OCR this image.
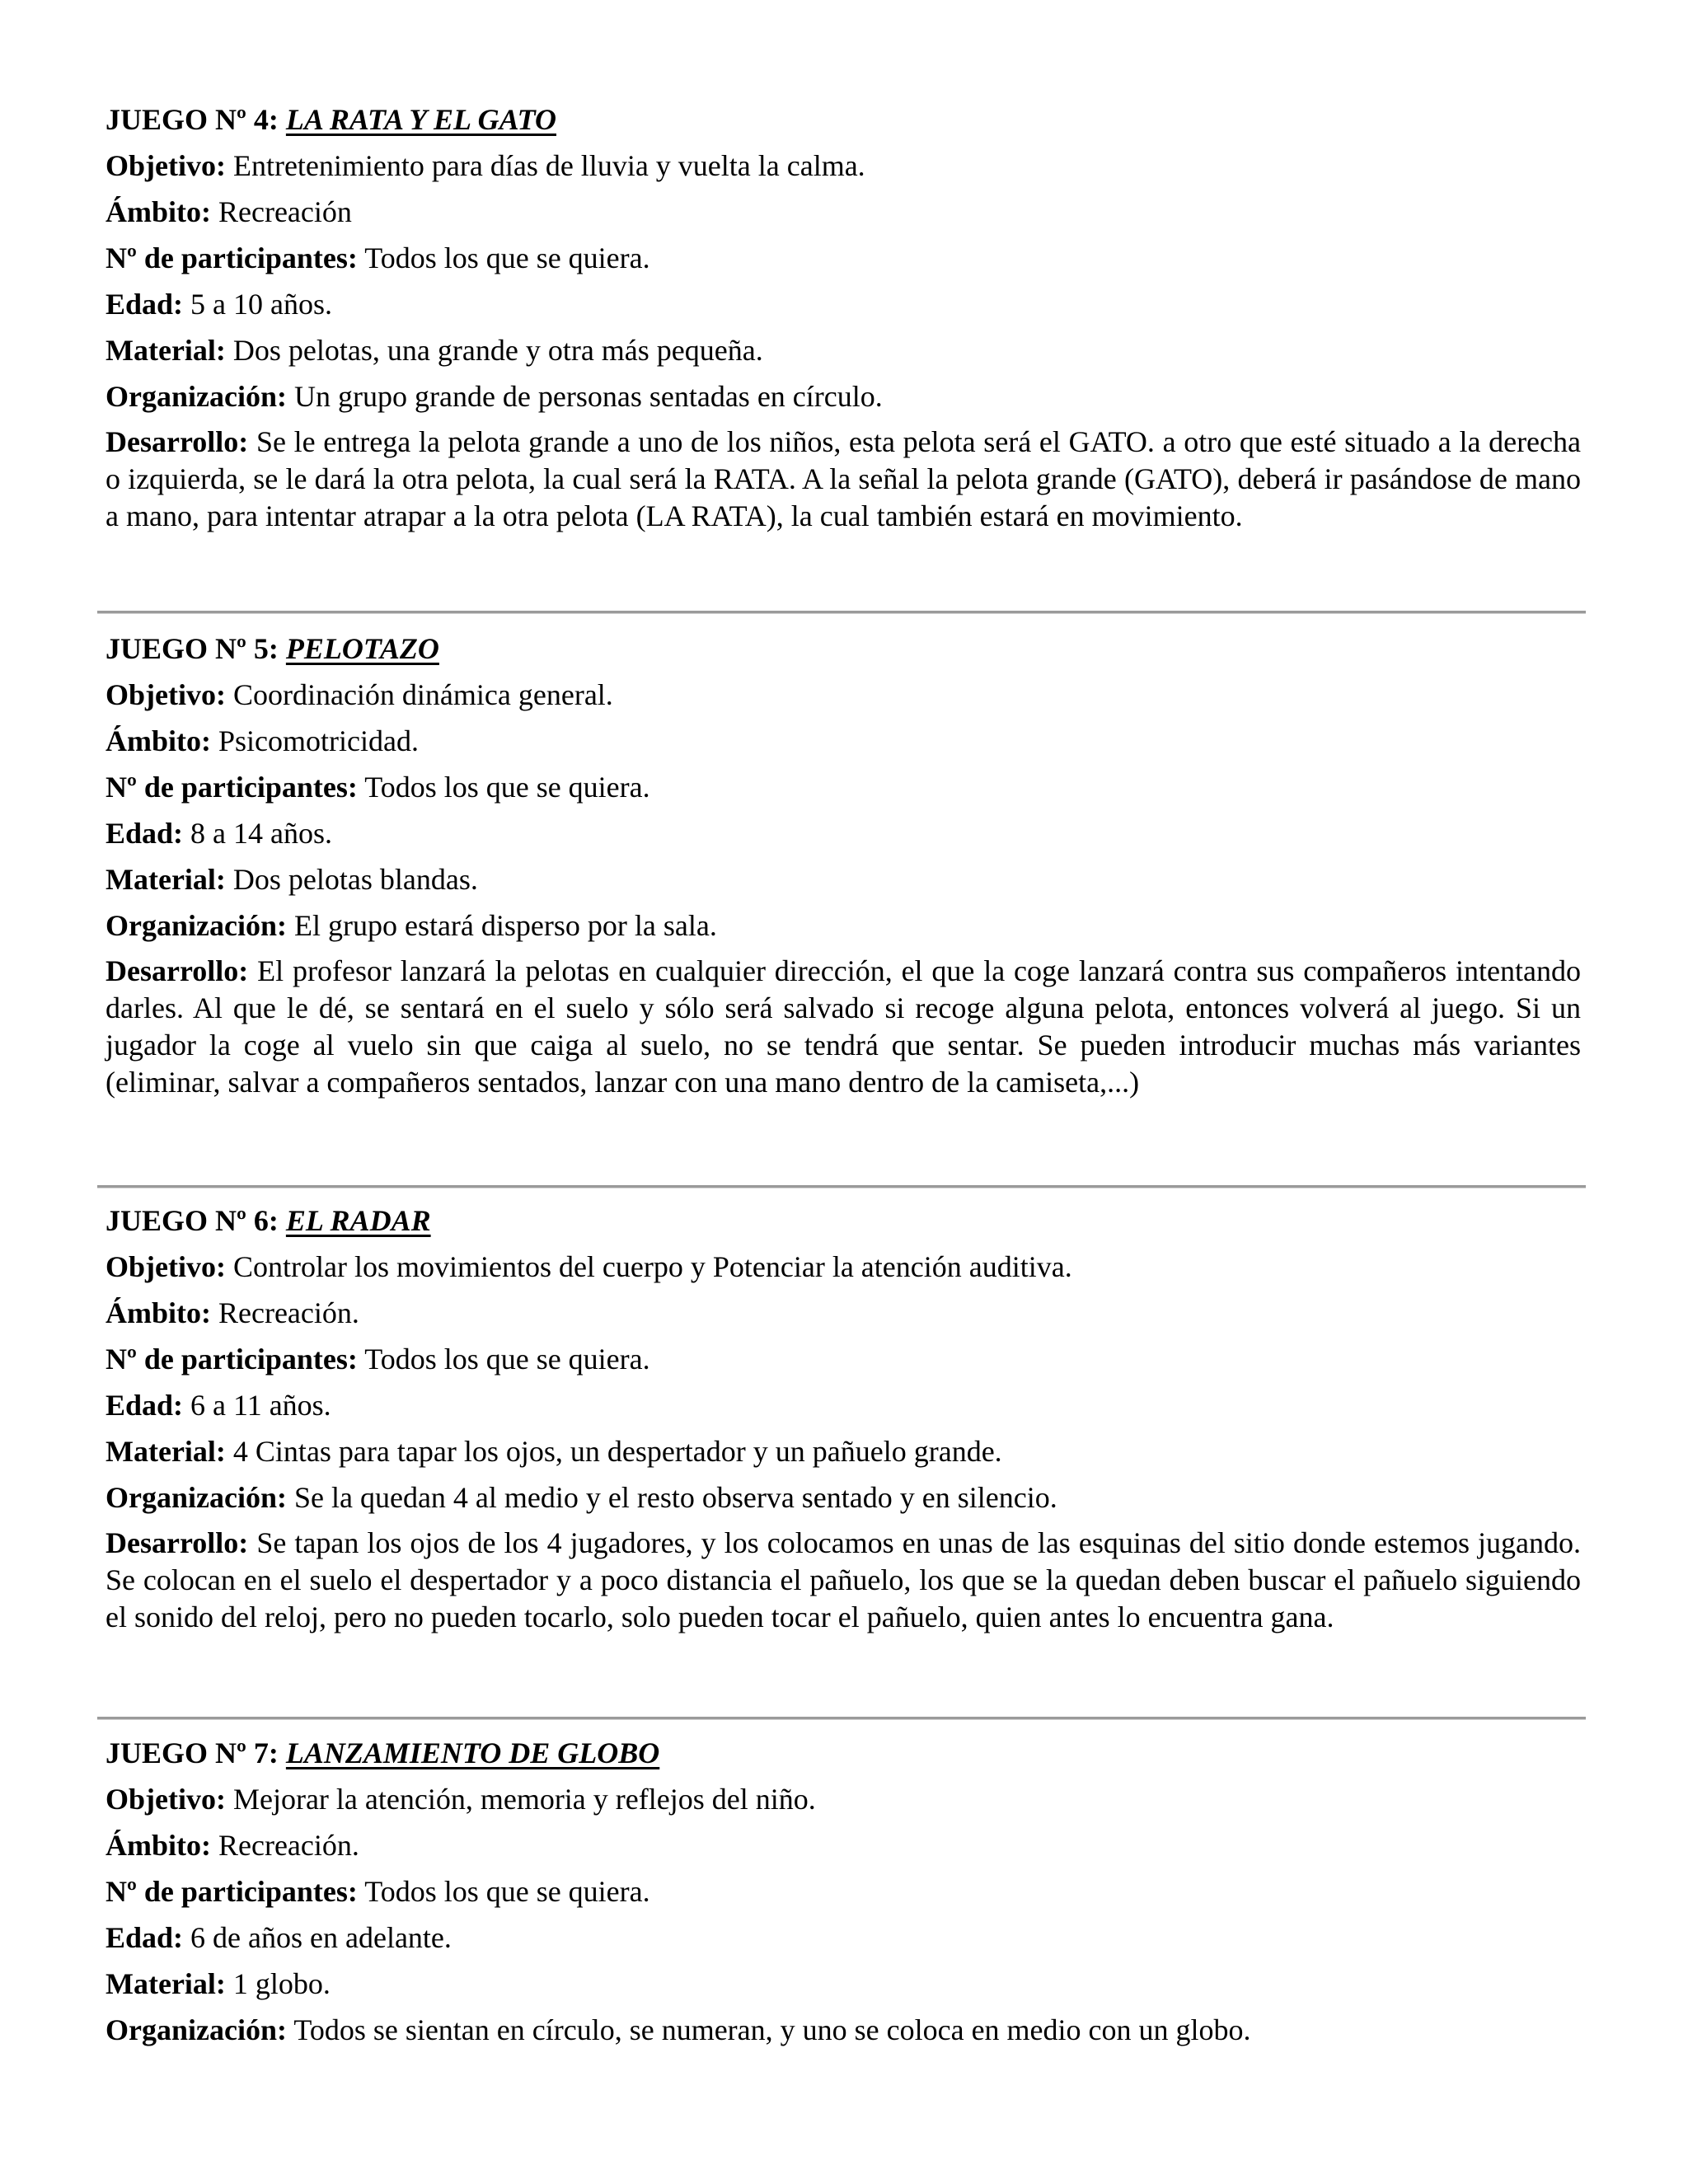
JUEGO Nº 4: LA RATA Y EL GATO
Objetivo: Entretenimiento para días de lluvia y vuelta la calma.
Ámbito: Recreación
Nº de participantes: Todos los que se quiera.
Edad: 5 a 10 años.
Material: Dos pelotas, una grande y otra más pequeña.
Organización: Un grupo grande de personas sentadas en círculo.
Desarrollo: Se le entrega la pelota grande a uno de los niños, esta pelota será el GATO. a otro que esté situado a la derecha o izquierda, se le dará la otra pelota, la cual será la RATA. A la señal la pelota grande (GATO), deberá ir pasándose de mano a mano, para intentar atrapar a la otra pelota (LA RATA), la cual también estará en movimiento.
JUEGO Nº 5: PELOTAZO
Objetivo: Coordinación dinámica general.
Ámbito: Psicomotricidad.
Nº de participantes: Todos los que se quiera.
Edad: 8 a 14 años.
Material: Dos pelotas blandas.
Organización: El grupo estará disperso por la sala.
Desarrollo: El profesor lanzará la pelotas en cualquier dirección, el que la coge lanzará contra sus compañeros intentando darles. Al que le dé, se sentará en el suelo y sólo será salvado si recoge alguna pelota, entonces volverá al juego. Si un jugador la coge al vuelo sin que caiga al suelo, no se tendrá que sentar. Se pueden introducir muchas más variantes (eliminar, salvar a compañeros sentados, lanzar con una mano dentro de la camiseta,...)
JUEGO Nº 6: EL RADAR
Objetivo: Controlar los movimientos del cuerpo y Potenciar la atención auditiva.
Ámbito: Recreación.
Nº de participantes: Todos los que se quiera.
Edad: 6 a 11 años.
Material: 4 Cintas para tapar los ojos, un despertador y un pañuelo grande.
Organización: Se la quedan 4 al medio y el resto observa sentado y en silencio.
Desarrollo: Se tapan los ojos de los 4 jugadores, y los colocamos en unas de las esquinas del sitio donde estemos jugando. Se colocan en el suelo el despertador y a poco distancia el pañuelo, los que se la quedan deben buscar el pañuelo siguiendo el sonido del reloj, pero no pueden tocarlo, solo pueden tocar el pañuelo, quien antes lo encuentra gana.
JUEGO Nº 7: LANZAMIENTO DE GLOBO
Objetivo: Mejorar la atención, memoria y reflejos del niño.
Ámbito: Recreación.
Nº de participantes: Todos los que se quiera.
Edad: 6 de años en adelante.
Material: 1 globo.
Organización: Todos se sientan en círculo, se numeran, y uno se coloca en medio con un globo.
